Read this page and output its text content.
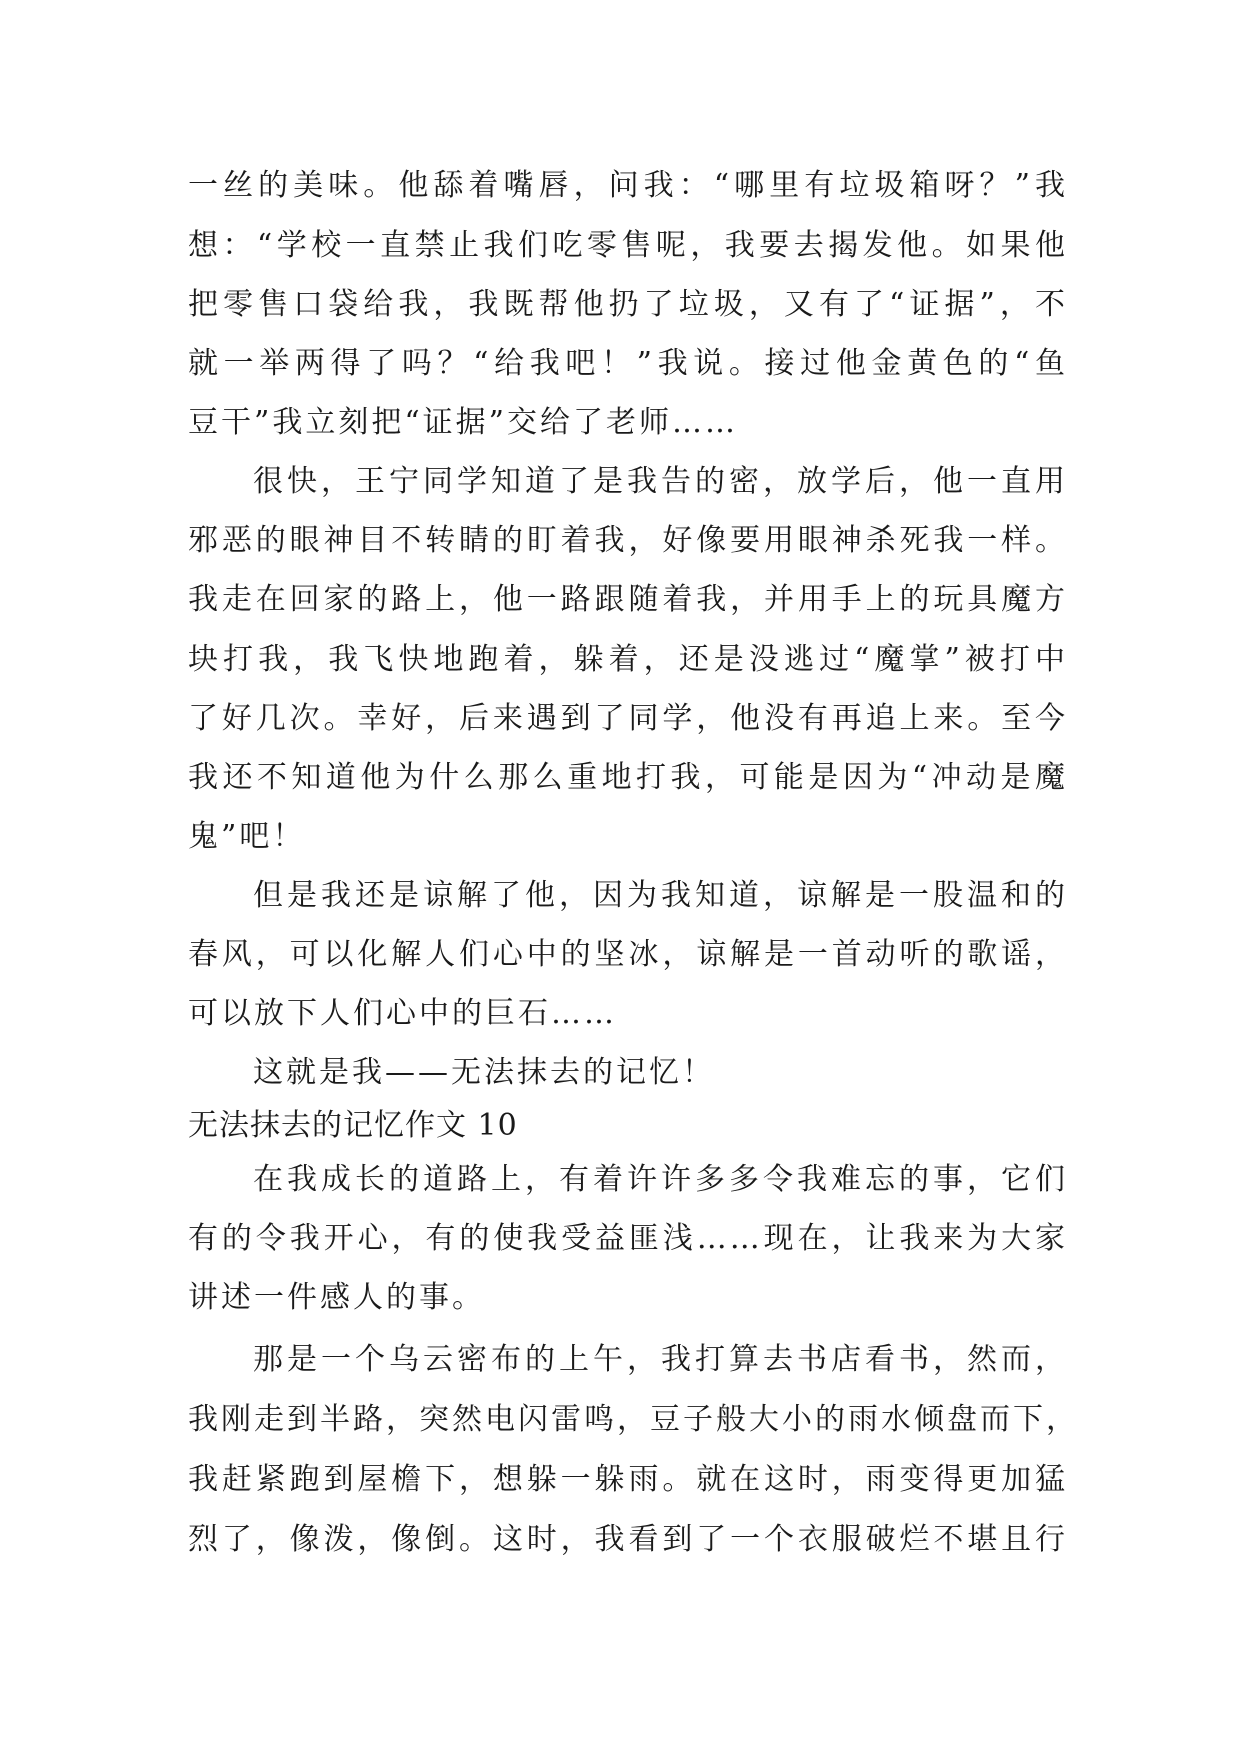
一丝的美味。他舔着嘴唇，问我：“哪里有垃圾箱呀？”我
想：“学校一直禁止我们吃零售呢，我要去揭发他。如果他
把零售口袋给我，我既帮他扔了垃圾，又有了“证据”，不
就一举两得了吗？“给我吧！”我说。接过他金黄色的“鱼
豆干”我立刻把“证据”交给了老师……
很快，王宁同学知道了是我告的密，放学后，他一直用
邪恶的眼神目不转睛的盯着我，好像要用眼神杀死我一样。
我走在回家的路上，他一路跟随着我，并用手上的玩具魔方
块打我，我飞快地跑着，躲着，还是没逃过“魔掌”被打中
了好几次。幸好，后来遇到了同学，他没有再追上来。至今
我还不知道他为什么那么重地打我，可能是因为“冲动是魔
鬼”吧！
但是我还是谅解了他，因为我知道，谅解是一股温和的
春风，可以化解人们心中的坚冰，谅解是一首动听的歌谣，
可以放下人们心中的巨石……
这就是我——无法抹去的记忆！
无法抹去的记忆作文 10
在我成长的道路上，有着许许多多令我难忘的事，它们
有的令我开心，有的使我受益匪浅……现在，让我来为大家
讲述一件感人的事。
那是一个乌云密布的上午，我打算去书店看书，然而，
我刚走到半路，突然电闪雷鸣，豆子般大小的雨水倾盘而下，
我赶紧跑到屋檐下，想躲一躲雨。就在这时，雨变得更加猛
烈了，像泼，像倒。这时，我看到了一个衣服破烂不堪且行
